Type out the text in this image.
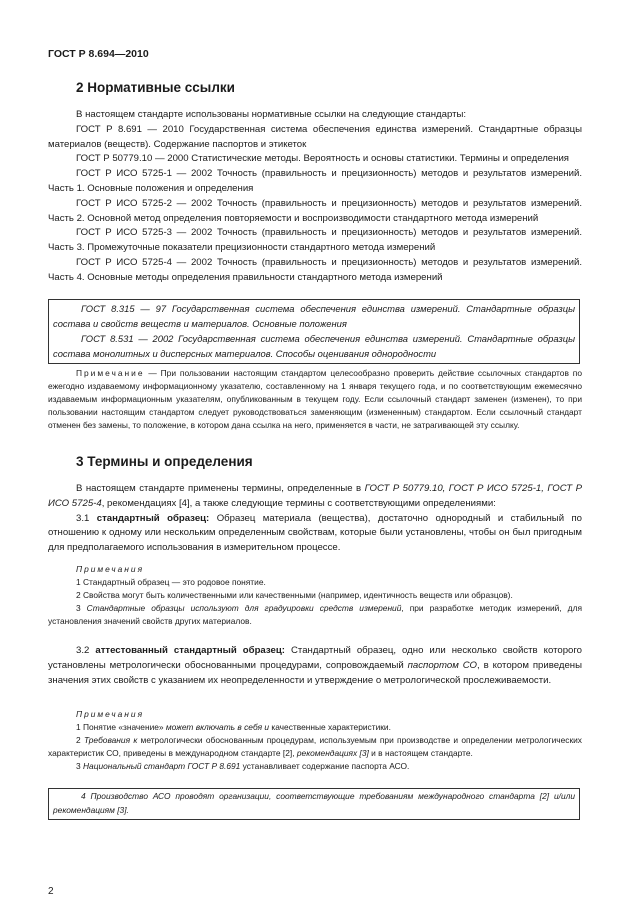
ГОСТ Р 8.694—2010
2 Нормативные ссылки

В настоящем стандарте использованы нормативные ссылки на следующие стандарты:

ГОСТ Р 8.691 — 2010 Государственная система обеспечения единства измерений. Стандартные образцы материалов (веществ). Содержание паспортов и этикеток

ГОСТ Р 50779.10 — 2000 Статистические методы. Вероятность и основы статистики. Термины и определения

ГОСТ Р ИСО 5725-1 — 2002 Точность (правильность и прецизионность) методов и результатов измерений. Часть 1. Основные положения и определения

ГОСТ Р ИСО 5725-2 — 2002 Точность (правильность и прецизионность) методов и результатов измерений. Часть 2. Основной метод определения повторяемости и воспроизводимости стандартного метода измерений

ГОСТ Р ИСО 5725-3 — 2002 Точность (правильность и прецизионность) методов и результатов измерений. Часть 3. Промежуточные показатели прецизионности стандартного метода измерений

ГОСТ Р ИСО 5725-4 — 2002 Точность (правильность и прецизионность) методов и результатов измерений. Часть 4. Основные методы определения правильности стандартного метода измерений

ГОСТ 8.315 — 97 Государственная система обеспечения единства измерений. Стандартные образцы состава и свойств веществ и материалов. Основные положения

ГОСТ 8.531 — 2002 Государственная система обеспечения единства измерений. Стандартные образцы состава монолитных и дисперсных материалов. Способы оценивания однородности

Примечание — При пользовании настоящим стандартом целесообразно проверить действие ссылочных стандартов по ежегодно издаваемому информационному указателю, составленному на 1 января текущего года, и по соответствующим ежемесячно издаваемым информационным указателям, опубликованным в текущем году. Если ссылочный стандарт заменен (изменен), то при пользовании настоящим стандартом следует руководствоваться заменяющим (измененным) стандартом. Если ссылочный стандарт отменен без замены, то положение, в котором дана ссылка на него, применяется в части, не затрагивающей эту ссылку.

3 Термины и определения

В настоящем стандарте применены термины, определенные в ГОСТ Р 50779.10, ГОСТ Р ИСО 5725-1, ГОСТ Р ИСО 5725-4, рекомендациях [4], а также следующие термины с соответствующими определениями:

3.1 стандартный образец: Образец материала (вещества), достаточно однородный и стабильный по отношению к одному или нескольким определенным свойствам, которые были установлены, чтобы он был пригодным для предполагаемого использования в измерительном процессе.

Примечания

1 Стандартный образец — это родовое понятие.

2 Свойства могут быть количественными или качественными (например, идентичность веществ или образцов).

3 Стандартные образцы используют для градуировки средств измерений, при разработке методик измерений, для установления значений свойств других материалов.

3.2 аттестованный стандартный образец: Стандартный образец, одно или несколько свойств которого установлены метрологически обоснованными процедурами, сопровождаемый паспортом СО, в котором приведены значения этих свойств с указанием их неопределенности и утверждение о метрологической прослеживаемости.

Примечания

1 Понятие «значение» может включать в себя и качественные характеристики.

2 Требования к метрологически обоснованным процедурам, используемым при производстве и определении метрологических характеристик СО, приведены в международном стандарте [2], рекомендациях [3] и в настоящем стандарте.

3 Национальный стандарт ГОСТ Р 8.691 устанавливает содержание паспорта АСО.

4 Производство АСО проводят организации, соответствующие требованиям международного стандарта [2] и/или рекомендациям [3].

2
